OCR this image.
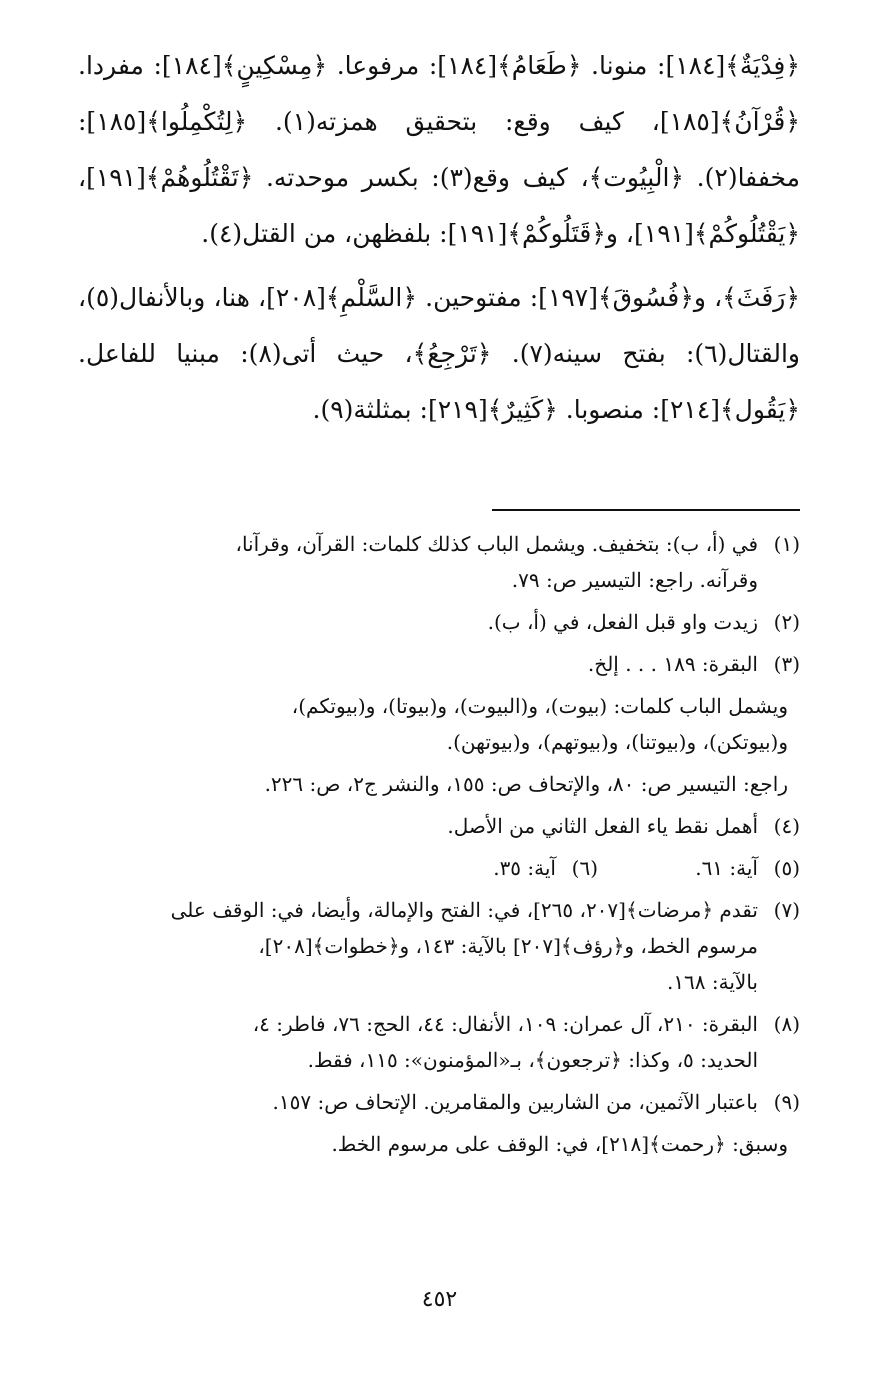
﴿فِدْيَةٌ﴾[١٨٤]: منونا. ﴿طَعَامُ﴾[١٨٤]: مرفوعا. ﴿مِسْكِينٍ﴾[١٨٤]: مفردا. ﴿قُرْآنُ﴾[١٨٥]، كيف وقع: بتحقيق همزته(١). ﴿لِتُكْمِلُوا﴾[١٨٥]: مخففا(٢). ﴿الْبِيُوت﴾، كيف وقع(٣): بكسر موحدته. ﴿تَقْتُلُوهُمْ﴾[١٩١]، ﴿يَقْتُلُوكُمْ﴾[١٩١]، و﴿قَتَلُوكُمْ﴾[١٩١]: بلفظهن، من القتل(٤).

﴿رَفَثَ﴾، و﴿فُسُوقَ﴾[١٩٧]: مفتوحين. ﴿السَّلْمِ﴾[٢٠٨]، هنا، وبالأنفال(٥)، والقتال(٦): بفتح سينه(٧). ﴿تَرْجِعُ﴾، حيث أتى(٨): مبنيا للفاعل. ﴿يَقُول﴾[٢١٤]: منصوبا. ﴿كَثِيرٌ﴾[٢١٩]: بمثلثة(٩).

(١)
في (أ، ب): بتخفيف. ويشمل الباب كذلك كلمات: القرآن، وقرآنا،
وقرآنه. راجع: التيسير ص: ٧٩.
(٢)
زيدت واو قبل الفعل، في (أ، ب).
(٣)
البقرة: ١٨٩ . . . إلخ.
ويشمل الباب كلمات: (بيوت)، و(البيوت)، و(بيوتا)، و(بيوتكم)،
و(بيوتكن)، و(بيوتنا)، و(بيوتهم)، و(بيوتهن).
راجع: التيسير ص: ٨٠، والإتحاف ص: ١٥٥، والنشر ج٢، ص: ٢٢٦.
(٤)
أهمل نقط ياء الفعل الثاني من الأصل.
(٥)
آية: ٦١.
(٦)
آية: ٣٥.
(٧)
تقدم ﴿مرضات﴾[٢٠٧، ٢٦٥]، في: الفتح والإمالة، وأيضا، في: الوقف على
مرسوم الخط، و﴿رؤف﴾[٢٠٧] بالآية: ١٤٣، و﴿خطوات﴾[٢٠٨]،
بالآية: ١٦٨.
(٨)
البقرة: ٢١٠، آل عمران: ١٠٩، الأنفال: ٤٤، الحج: ٧٦، فاطر: ٤،
الحديد: ٥، وكذا: ﴿ترجعون﴾، بـ«المؤمنون»: ١١٥، فقط.
(٩)
باعتبار الآثمين، من الشاربين والمقامرين. الإتحاف ص: ١٥٧.
وسبق: ﴿رحمت﴾[٢١٨]، في: الوقف على مرسوم الخط.
٤٥٢
